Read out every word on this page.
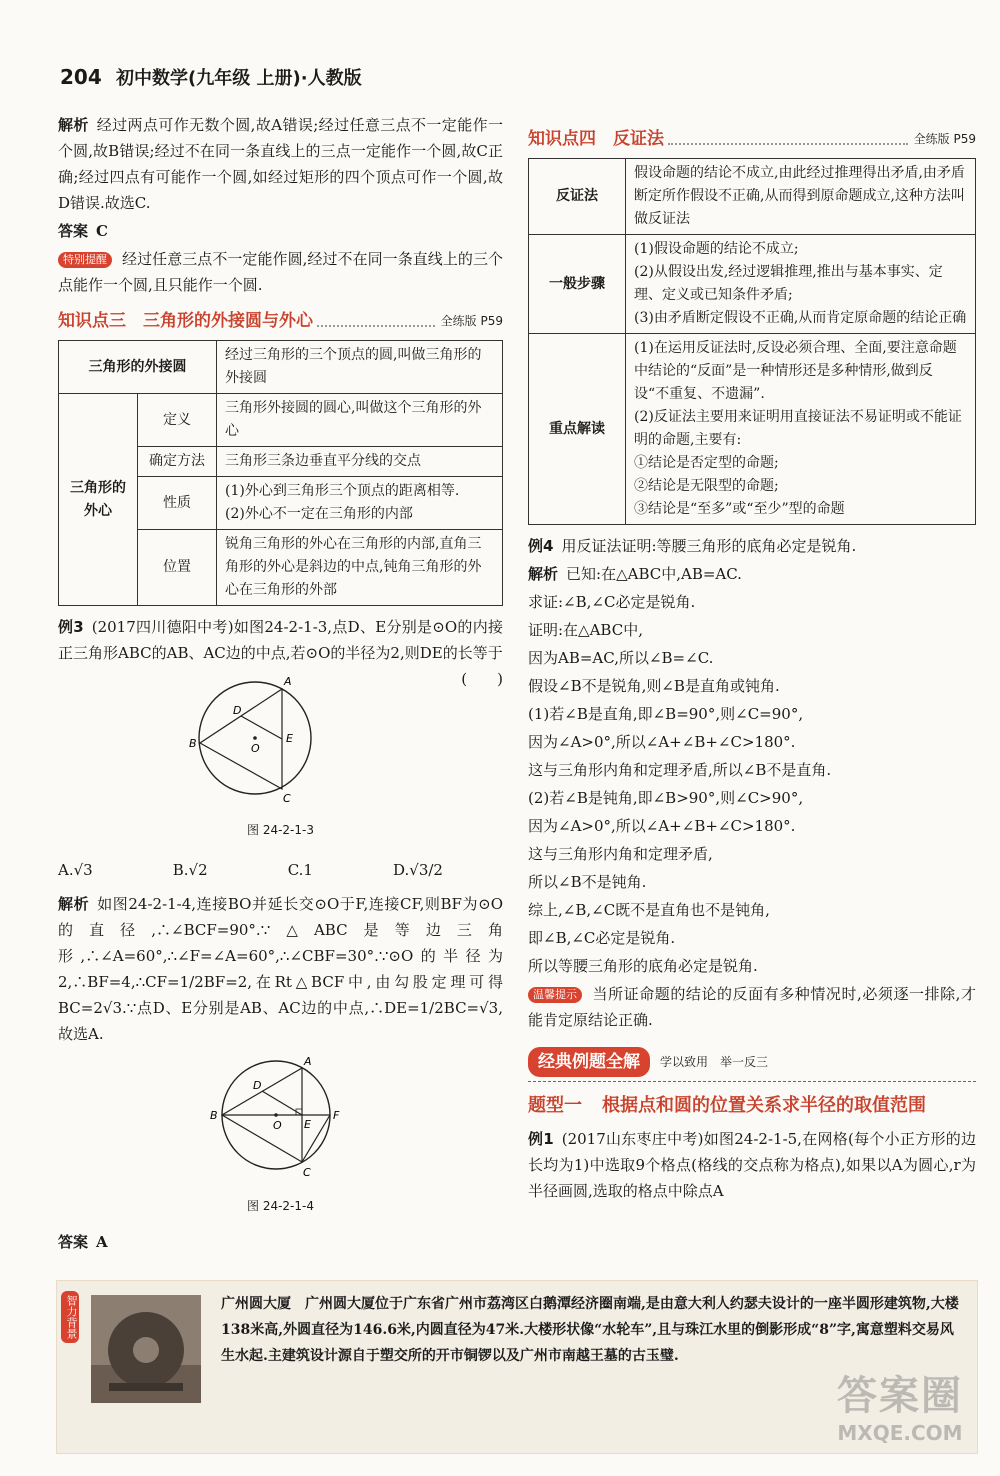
204 初中数学(九年级 上册)·人教版

解析 经过两点可作无数个圆,故A错误;经过任意三点不一定能作一个圆,故B错误;经过不在同一条直线上的三点一定能作一个圆,故C正确;经过四点有可能作一个圆,如经过矩形的四个顶点可作一个圆,故D错误.故选C.

答案 C

特别提醒 经过任意三点不一定能作圆,经过不在同一条直线上的三个点能作一个圆,且只能作一个圆.

知识点三　三角形的外接圆与外心	全练版 P59
三角形的外接圆		经过三角形的三个顶点的圆,叫做三角形的外接圆
三角形的外心	定义	三角形外接圆的圆心,叫做这个三角形的外心
	确定方法	三角形三条边垂直平分线的交点
	性质	(1)外心到三角形三个顶点的距离相等.
(2)外心不一定在三角形的内部
	位置	锐角三角形的外心在三角形的内部,直角三角形的外心是斜边的中点,钝角三角形的外心在三角形的外部

例3 (2017四川德阳中考)如图24-2-1-3,点D、E分别是⊙O的内接正三角形ABC的AB、AC边的中点,若⊙O的半径为2,则DE的长等于
(　　)

A
B
C
D
E
O
图 24-2-1-3
A.√3	B.√2	C.1	D.√3/2

解析 如图24-2-1-4,连接BO并延长交⊙O于F,连接CF,则BF为⊙O的直径,∴∠BCF=90°.∵△ABC是等边三角形,∴∠A=60°,∴∠F=∠A=60°,∴∠CBF=30°.∵⊙O的半径为2,∴BF=4,∴CF=1/2BF=2,在Rt△BCF中,由勾股定理可得BC=2√3.∵点D、E分别是AB、AC边的中点,∴DE=1/2BC=√3,故选A.

A
B
C
D
E
O
F
图 24-2-1-4

答案 A

知识点四　反证法	全练版 P59
反证法	假设命题的结论不成立,由此经过推理得出矛盾,由矛盾断定所作假设不正确,从而得到原命题成立,这种方法叫做反证法
一般步骤	(1)假设命题的结论不成立;
(2)从假设出发,经过逻辑推理,推出与基本事实、定理、定义或已知条件矛盾;
(3)由矛盾断定假设不正确,从而肯定原命题的结论正确
重点解读	(1)在运用反证法时,反设必须合理、全面,要注意命题中结论的“反面”是一种情形还是多种情形,做到反设“不重复、不遗漏”.
(2)反证法主要用来证明用直接证法不易证明或不能证明的命题,主要有:
①结论是否定型的命题;
②结论是无限型的命题;
③结论是“至多”或“至少”型的命题

例4 用反证法证明:等腰三角形的底角必定是锐角.

解析 已知:在△ABC中,AB=AC.

求证:∠B,∠C必定是锐角.

证明:在△ABC中,

因为AB=AC,所以∠B=∠C.

假设∠B不是锐角,则∠B是直角或钝角.

(1)若∠B是直角,即∠B=90°,则∠C=90°,

因为∠A>0°,所以∠A+∠B+∠C>180°.

这与三角形内角和定理矛盾,所以∠B不是直角.

(2)若∠B是钝角,即∠B>90°,则∠C>90°,

因为∠A>0°,所以∠A+∠B+∠C>180°.

这与三角形内角和定理矛盾,

所以∠B不是钝角.

综上,∠B,∠C既不是直角也不是钝角,

即∠B,∠C必定是锐角.

所以等腰三角形的底角必定是锐角.

温馨提示 当所证命题的结论的反面有多种情况时,必须逐一排除,才能肯定原结论正确.

经典例题全解	学以致用　举一反三
题型一 根据点和圆的位置关系求半径的取值范围

例1 (2017山东枣庄中考)如图24-2-1-5,在网格(每个小正方形的边长均为1)中选取9个格点(格线的交点称为格点),如果以A为圆心,r为半径画圆,选取的格点中除点A

智力背景	广州圆大厦 广州圆大厦位于广东省广州市荔湾区白鹅潭经济圈南端,是由意大利人约瑟夫设计的一座半圆形建筑物,大楼138米高,外圆直径为146.6米,内圆直径为47米.大楼形状像“水轮车”,且与珠江水里的倒影形成“8”字,寓意塑料交易风生水起.主建筑设计源自于塑交所的开市铜锣以及广州市南越王墓的古玉璧.
答案圈
MXQE.COM
